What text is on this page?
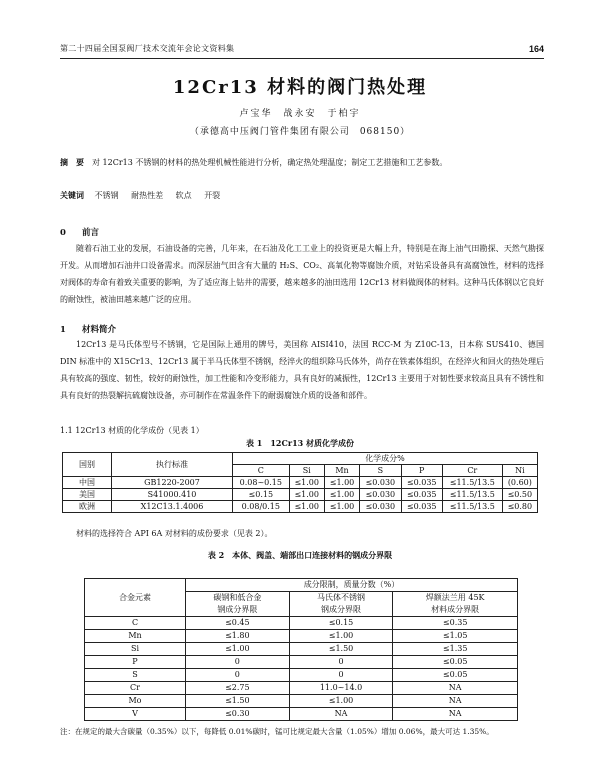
第二十四届全国泵阀厂技术交流年会论文资料集	164
12Cr13 材料的阀门热处理
卢宝华　战永安　于柏宇
（承德高中压阀门管件集团有限公司　068150）
摘　要 对 12Cr13 不锈钢的材料的热处理机械性能进行分析，确定热处理温度；制定工艺措施和工艺参数。
关键词 不锈钢 耐热性差 软点 开裂
0 前言
随着石油工业的发展，石油设备的完善，几年来，在石油及化工工业上的投资更是大幅上升，特别是在海上油气田勘探、天然气勘探开发。从而增加石油井口设备需求。而深层油气田含有大量的 H₂S、CO₂、高氧化物等腐蚀介质，对钻采设备具有高腐蚀性，材料的选择对阀体的寿命有着致关重要的影响，为了适应海上钻井的需要，越来越多的油田选用 12Cr13 材料做阀体的材料。这种马氏体钢以它良好的耐蚀性，被油田越来越广泛的应用。
1 材料简介
12Cr13 是马氏体型号不锈钢，它是国际上通用的牌号，美国称 AISI410，法国 RCC-M 为 Z10C-13，日本称 SUS410、德国 DIN 标准中的 X15Cr13、12Cr13 属于半马氏体型不锈钢，经淬火的组织除马氏体外，尚存在铁素体组织，在经淬火和回火的热处理后具有较高的强度、韧性，较好的耐蚀性，加工性能和冷变形能力，具有良好的减振性，12Cr13 主要用于对韧性要求较高且具有不锈性和具有良好的热裂解抗硫腐蚀设备，亦可制作在常温条件下的耐弱腐蚀介质的设备和部件。
1.1 12Cr13 材质的化学成份（见表 1）
表 1　12Cr13 材质化学成份
国别	执行标准	化学成分%						
		C	Si	Mn	S	P	Cr	Ni
中国	GB1220-2007	0.08~0.15	≤1.00	≤1.00	≤0.030	≤0.035	≤11.5/13.5	(0.60)
美国	S41000.410	≤0.15	≤1.00	≤1.00	≤0.030	≤0.035	≤11.5/13.5	≤0.50
欧洲	X12C13.1.4006	0.08/0.15	≤1.00	≤1.00	≤0.030	≤0.035	≤11.5/13.5	≤0.80
材料的选择符合 API 6A 对材料的成份要求（见表 2）。
表 2　本体、阀盖、端部出口连接材料的钢成分界限
合金元素	成分限制，质量分数（%）		
	碳钢和低合金	马氏体不锈钢	焊额法兰用 45K
	钢成分界限	钢成分界限	材料成分界限
C	≤0.45	≤0.15	≤0.35
Mn	≤1.80	≤1.00	≤1.05
Si	≤1.00	≤1.50	≤1.35
P	0	0	≤0.05
S	0	0	≤0.05
Cr	≤2.75	11.0~14.0	NA
Mo	≤1.50	≤1.00	NA
V	≤0.30	NA	NA
注：在规定的最大含碳量（0.35%）以下，每降低 0.01%碳时，锰可比规定最大含量（1.05%）增加 0.06%，最大可达 1.35%。
